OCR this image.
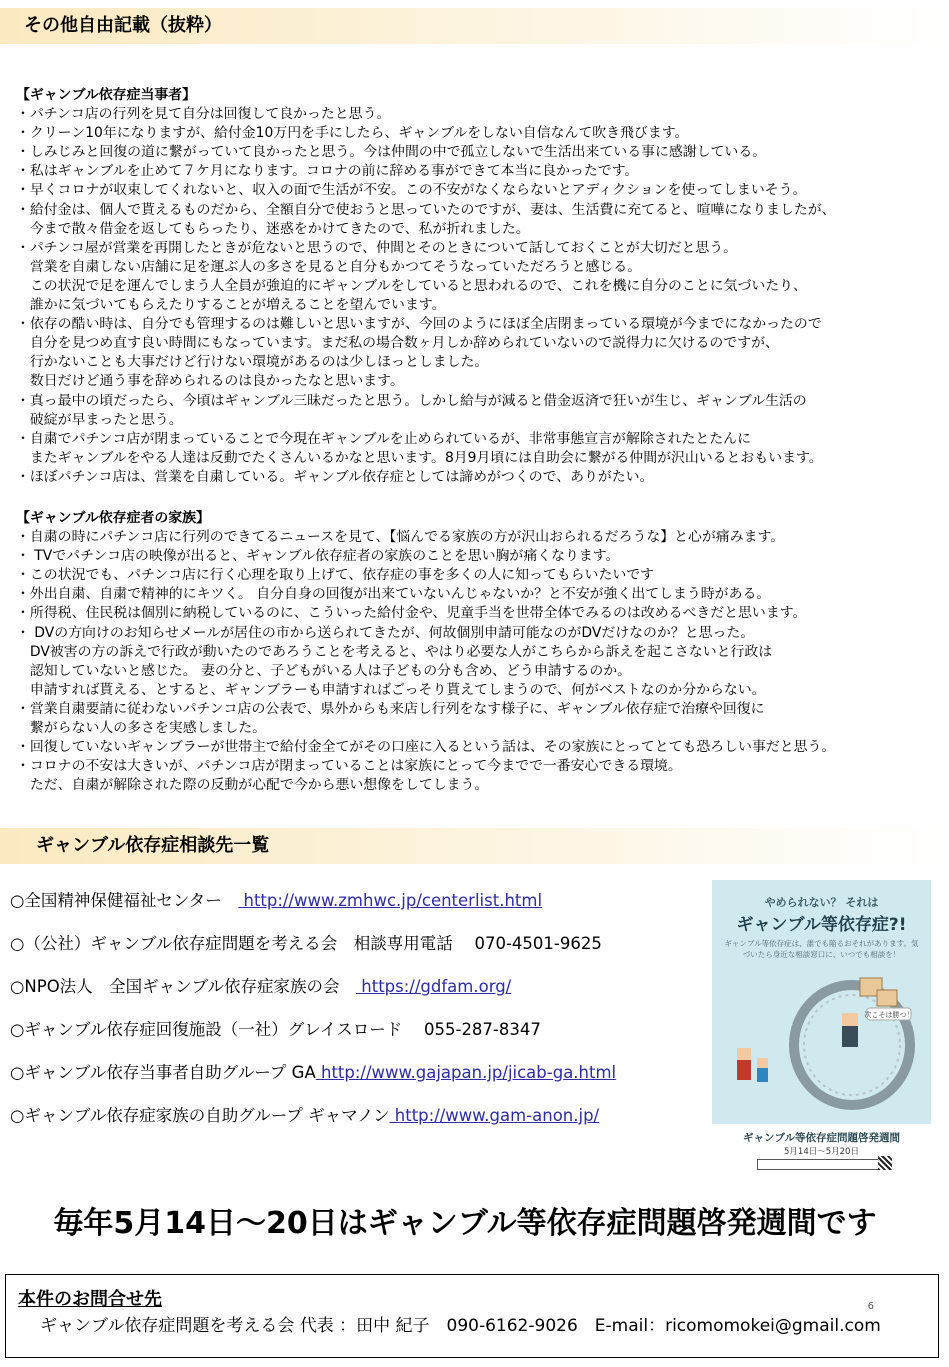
その他自由記載（抜粋）
【ギャンブル依存症当事者】
・パチンコ店の行列を見て自分は回復して良かったと思う。
・クリーン10年になりますが、給付金10万円を手にしたら、ギャンブルをしない自信なんて吹き飛びます。
・しみじみと回復の道に繋がっていて良かったと思う。今は仲間の中で孤立しないで生活出来ている事に感謝している。
・私はギャンブルを止めて７ケ月になります。コロナの前に辞める事ができて本当に良かったです。
・早くコロナが収束してくれないと、収入の面で生活が不安。この不安がなくならないとアディクションを使ってしまいそう。
・給付金は、個人で貰えるものだから、全額自分で使おうと思っていたのですが、妻は、生活費に充てると、喧嘩になりましたが、
　今まで散々借金を返してもらったり、迷惑をかけてきたので、私が折れました。
・パチンコ屋が営業を再開したときが危ないと思うので、仲間とそのときについて話しておくことが大切だと思う。
　営業を自粛しない店舗に足を運ぶ人の多さを見ると自分もかつてそうなっていただろうと感じる。
　この状況で足を運んでしまう人全員が強迫的にギャンブルをしていると思われるので、これを機に自分のことに気づいたり、
　誰かに気づいてもらえたりすることが増えることを望んでいます。
・依存の酷い時は、自分でも管理するのは難しいと思いますが、今回のようにほぼ全店閉まっている環境が今までになかったので
　自分を見つめ直す良い時間にもなっています。まだ私の場合数ヶ月しか辞められていないので説得力に欠けるのですが、
　行かないことも大事だけど行けない環境があるのは少しほっとしました。
　数日だけど通う事を辞められるのは良かったなと思います。
・真っ最中の頃だったら、今頃はギャンブル三昧だったと思う。しかし給与が減ると借金返済で狂いが生じ、ギャンブル生活の
　破綻が早まったと思う。
・自粛でパチンコ店が閉まっていることで今現在ギャンブルを止められているが、非常事態宣言が解除されたとたんに
　またギャンブルをやる人達は反動でたくさんいるかなと思います。8月9月頃には自助会に繋がる仲間が沢山いるとおもいます。
・ほぼパチンコ店は、営業を自粛している。ギャンブル依存症としては諦めがつくので、ありがたい。
【ギャンブル依存症者の家族】
・自粛の時にパチンコ店に行列のできてるニュースを見て、【悩んでる家族の方が沢山おられるだろうな】と心が痛みます。
・ TVでパチンコ店の映像が出ると、ギャンブル依存症者の家族のことを思い胸が痛くなります。
・この状況でも、パチンコ店に行く心理を取り上げて、依存症の事を多くの人に知ってもらいたいです
・外出自粛、自粛で精神的にキツく。 自分自身の回復が出来ていないんじゃないか？と不安が強く出てしまう時がある。
・所得税、住民税は個別に納税しているのに、こういった給付金や、児童手当を世帯全体でみるのは改めるべきだと思います。
・ DVの方向けのお知らせメールが居住の市から送られてきたが、何故個別申請可能なのがDVだけなのか？と思った。
　DV被害の方の訴えで行政が動いたのであろうことを考えると、やはり必要な人がこちらから訴えを起こさないと行政は
　認知していないと感じた。 妻の分と、子どもがいる人は子どもの分も含め、どう申請するのか。
　申請すれば貰える、とすると、ギャンブラーも申請すればごっそり貰えてしまうので、何がベストなのか分からない。
・営業自粛要請に従わないパチンコ店の公表で、県外からも来店し行列をなす様子に、ギャンブル依存症で治療や回復に
　繋がらない人の多さを実感しました。
・回復していないギャンブラーが世帯主で給付金全てがその口座に入るという話は、その家族にとってとても恐ろしい事だと思う。
・コロナの不安は大きいが、パチンコ店が閉まっていることは家族にとって今までで一番安心できる環境。
　ただ、自粛が解除された際の反動が心配で今から悪い想像をしてしまう。
ギャンブル依存症相談先一覧
○全国精神保健福祉センター　 http://www.zmhwc.jp/centerlist.html
○（公社）ギャンブル依存症問題を考える会　相談専用電話　 070-4501-9625
○NPO法人　全国ギャンブル依存症家族の会　 https://gdfam.org/
○ギャンブル依存症回復施設（一社）グレイスロード　 055-287-8347
○ギャンブル依存当事者自助グループ GA http://www.gajapan.jp/jicab-ga.html
○ギャンブル依存症家族の自助グループ ギャマノン http://www.gam-anon.jp/
やめられない？ それは
ギャンブル等依存症?!
ギャンブル等依存症は、誰でも陥るおそれがあります。気づいたら身近な相談窓口に、いつでも相談を！
次こそは勝つ！
ギャンブル等依存症問題啓発週間
5月14日～5月20日
毎年5月14日～20日はギャンブル等依存症問題啓発週間です
本件のお問合せ先	6
ギャンブル依存症問題を考える会 代表 ：田中 紀子　090-6162-9026　E-mail：ricomomokei@gmail.com
